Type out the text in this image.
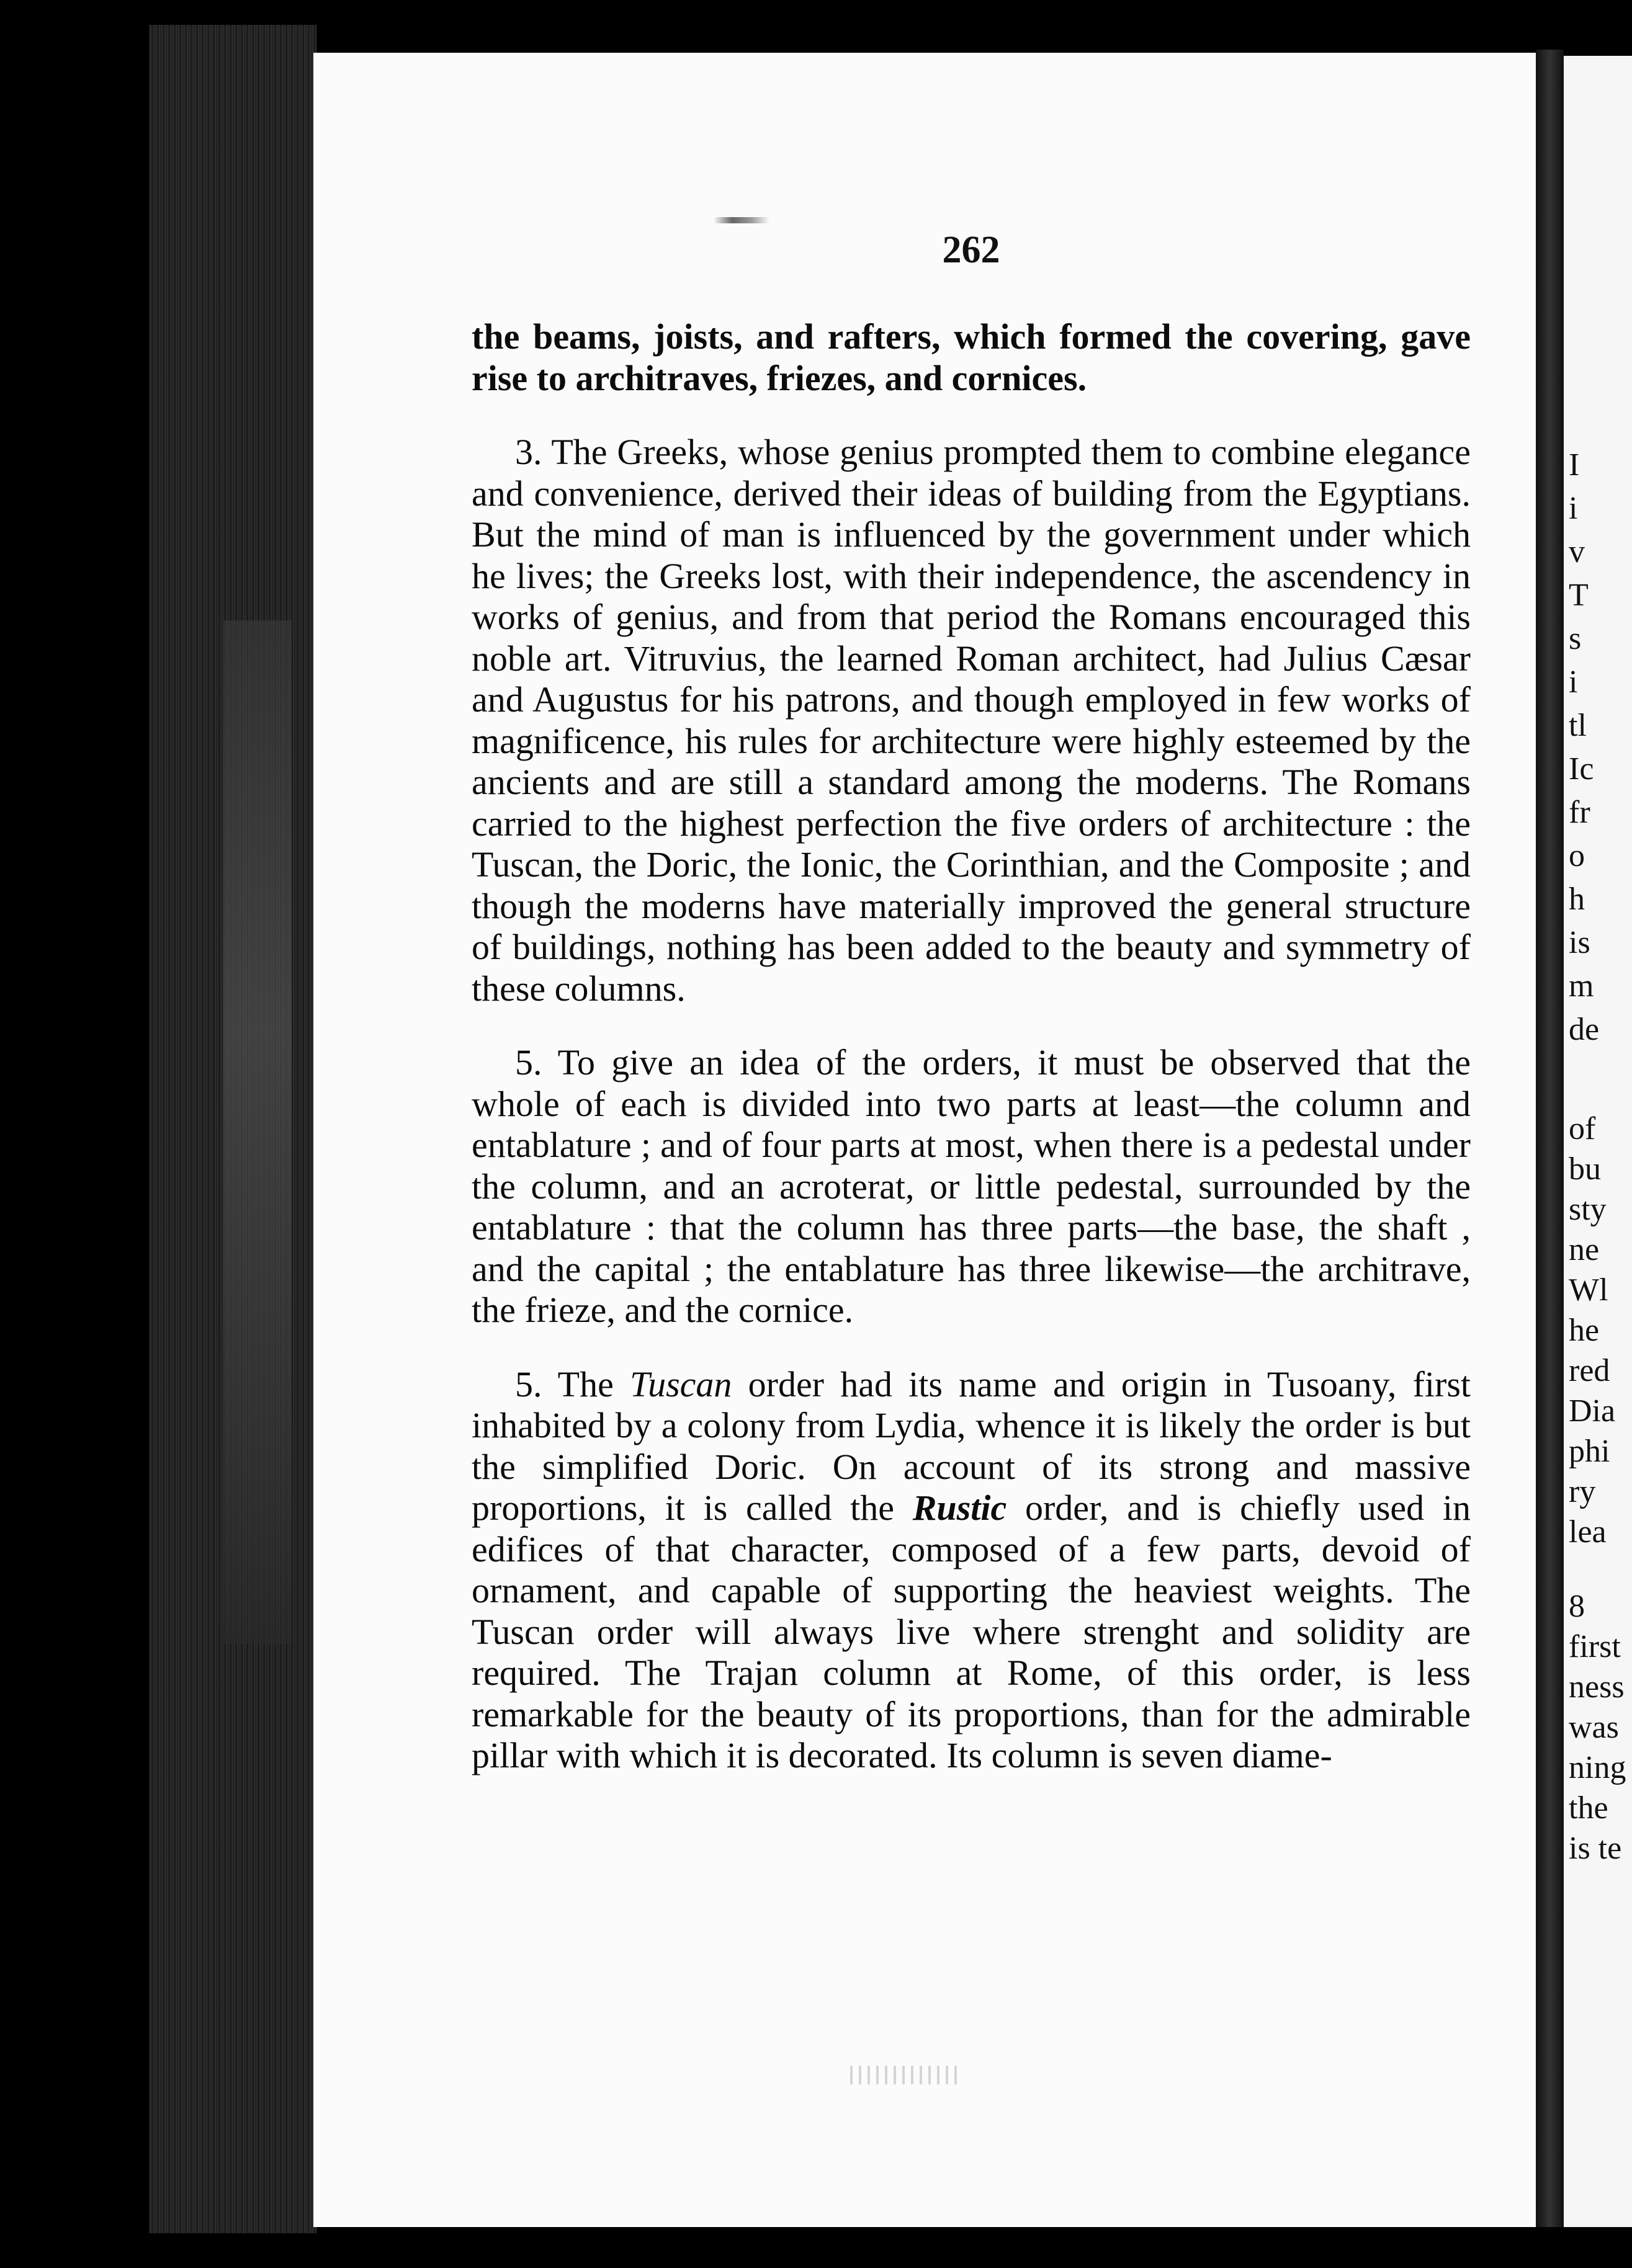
I
i
v
T
s
i
tl
Ic
fr
o
h
is
m
de
of
bu
sty
ne
Wl
he
red
Dia
phi
ry
lea
8
first
ness
was
ning
the
is te
262

the beams, joists, and rafters, which formed the covering, gave rise to architraves, friezes, and cornices.

3. The Greeks, whose genius prompted them to combine elegance and convenience, derived their ideas of building from the Egyptians. But the mind of man is influenced by the government under which he lives; the Greeks lost, with their independence, the ascendency in works of genius, and from that period the Romans encouraged this noble art. Vitruvius, the learned Roman architect, had Julius Cæsar and Augustus for his patrons, and though employed in few works of magnificence, his rules for architecture were highly esteemed by the ancients and are still a standard among the moderns. The Romans carried to the highest perfection the five orders of architecture : the Tuscan, the Doric, the Ionic, the Corinthian, and the Composite ; and though the moderns have materially improved the general structure of buildings, nothing has been added to the beauty and symmetry of these columns.

5. To give an idea of the orders, it must be observed that the whole of each is divided into two parts at least—the column and entablature ; and of four parts at most, when there is a pedestal under the column, and an acroterat, or little pedestal, surrounded by the entablature : that the column has three parts—the base, the shaft , and the capital ; the entablature has three likewise—the architrave, the frieze, and the cornice.

5. The Tuscan order had its name and origin in Tusoany, first inhabited by a colony from Lydia, whence it is likely the order is but the simplified Doric. On account of its strong and massive proportions, it is called the Rustic order, and is chiefly used in edifices of that character, composed of a few parts, devoid of ornament, and capable of supporting the heaviest weights. The Tuscan order will always live where strenght and solidity are required. The Trajan column at Rome, of this order, is less remarkable for the beauty of its proportions, than for the admirable pillar with which it is decorated. Its column is seven diame-
